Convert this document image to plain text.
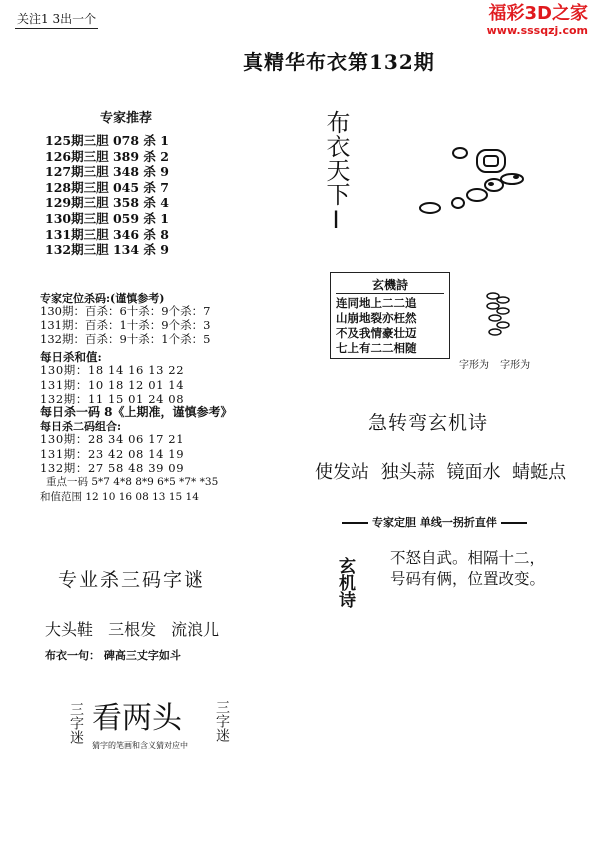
关注1 3出一个	福彩3D之家
www.sssqzj.com
真精华布衣第132期
专家推荐
125期三胆 078 杀 1
126期三胆 389 杀 2
127期三胆 348 杀 9
128期三胆 045 杀 7
129期三胆 358 杀 4
130期三胆 059 杀 1
131期三胆 346 杀 8
132期三胆 134 杀 9
专家定位杀码:(谨慎参考)
130期：百杀：6十杀：9个杀：7
131期：百杀：1十杀：9个杀：3
132期：百杀：9十杀：1个杀：5
每日杀和值:
130期：18 14 16 13 22
131期：10 18 12 01 14
132期：11 15 01 24 08
每日杀一码 8《上期准，谨慎参考》
每日杀二码组合:
130期：28 34 06 17 21
131期：23 42 08 14 19
132期：27 58 48 39 09
重点一码 5*7 4*8 8*9 6*5 *7* *35
和值范围 12 10 16 08 13 15 14
专业杀三码字谜
大头鞋 三根发 流浪儿
布衣一句： 碑高三丈字如斗
三字迷 看两头
猜字的笔画和含义猜对应中
三字迷
布衣天下I
玄機詩
连同地上二二追
山崩地裂亦枉然
不及我情豪壮迈
七上有二二相随
字形为 字形为
急转弯玄机诗
使发站 独头蒜 镜面水 蜻蜓点
专家定胆 单线一拐折直伴
玄机诗	不怒自武。相隔十二，
号码有俩，位置改变。
